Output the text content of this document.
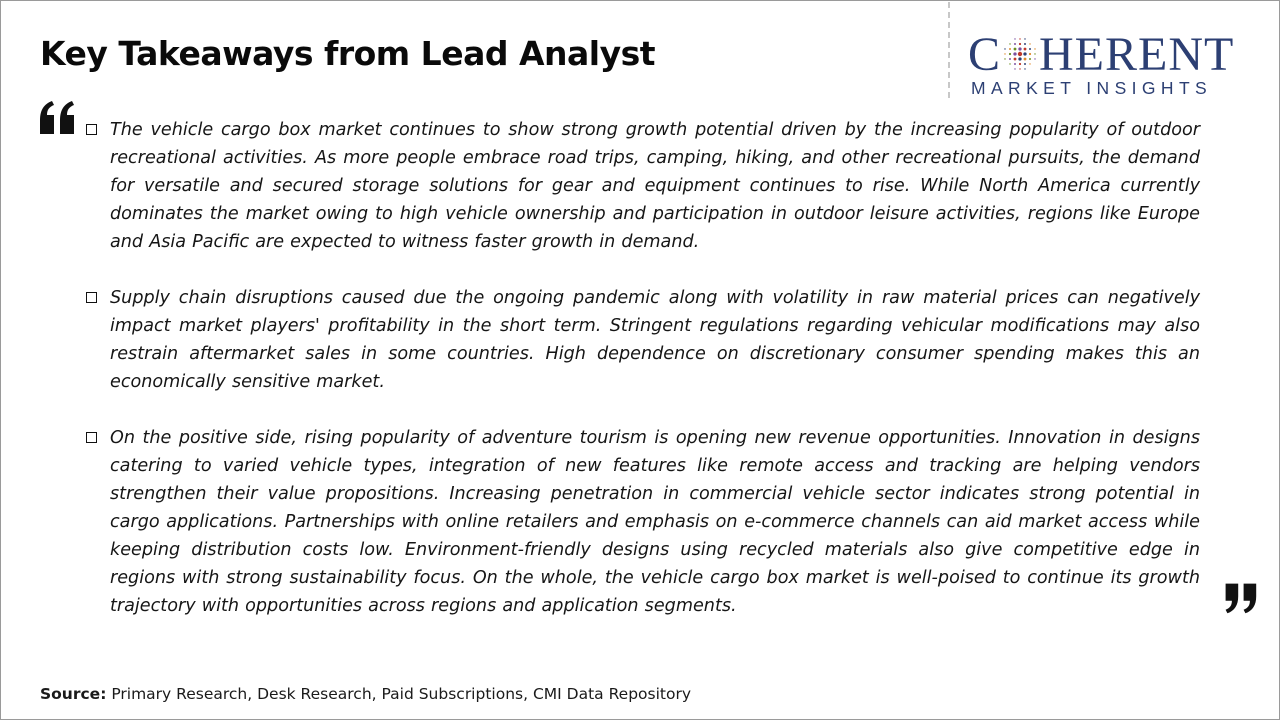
Key Takeaways from Lead Analyst	C HERENT
MARKET INSIGHTS
The vehicle cargo box market continues to show strong growth potential driven by the increasing popularity of outdoor recreational activities. As more people embrace road trips, camping, hiking, and other recreational pursuits, the demand for versatile and secured storage solutions for gear and equipment continues to rise. While North America currently dominates the market owing to high vehicle ownership and participation in outdoor leisure activities, regions like Europe and Asia Pacific are expected to witness faster growth in demand.
Supply chain disruptions caused due the ongoing pandemic along with volatility in raw material prices can negatively impact market players' profitability in the short term. Stringent regulations regarding vehicular modifications may also restrain aftermarket sales in some countries. High dependence on discretionary consumer spending makes this an economically sensitive market.
On the positive side, rising popularity of adventure tourism is opening new revenue opportunities. Innovation in designs catering to varied vehicle types, integration of new features like remote access and tracking are helping vendors strengthen their value propositions. Increasing penetration in commercial vehicle sector indicates strong potential in cargo applications. Partnerships with online retailers and emphasis on e-commerce channels can aid market access while keeping distribution costs low. Environment-friendly designs using recycled materials also give competitive edge in regions with strong sustainability focus. On the whole, the vehicle cargo box market is well-poised to continue its growth trajectory with opportunities across regions and application segments.
Source: Primary Research, Desk Research, Paid Subscriptions, CMI Data Repository
